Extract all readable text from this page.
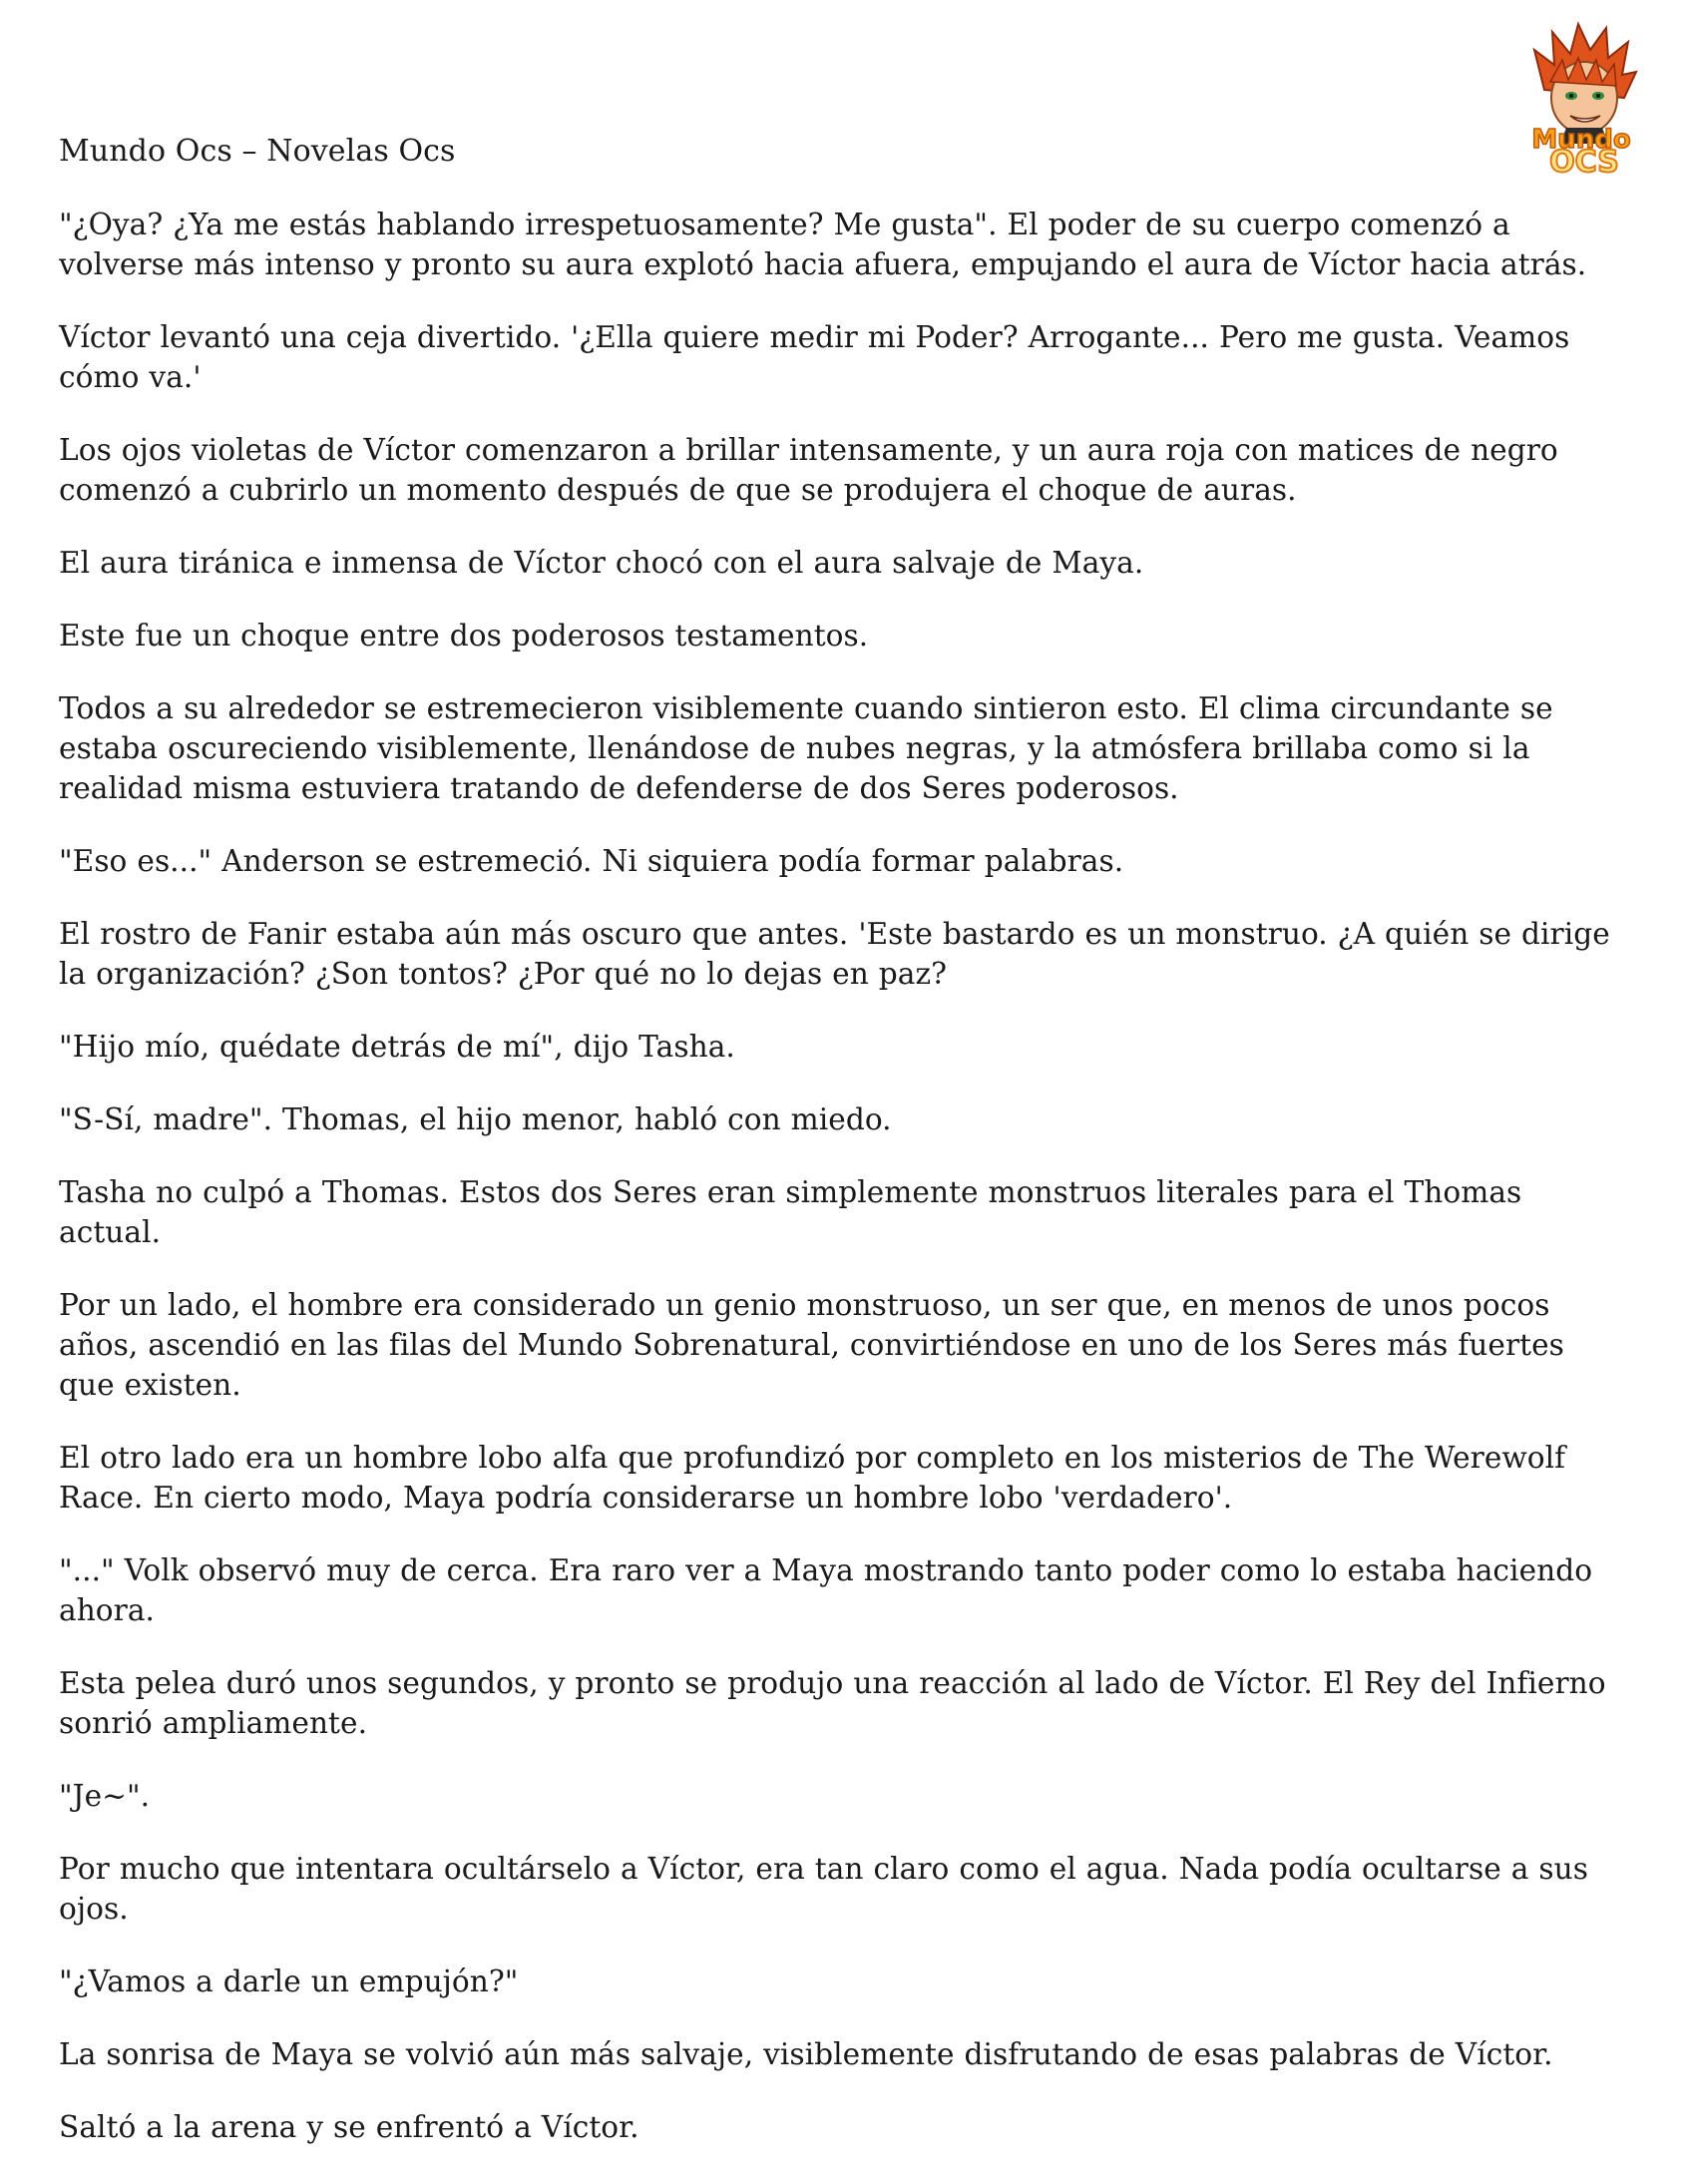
Mundo Ocs – Novelas Ocs	Mundo
OCS

"¿Oya? ¿Ya me estás hablando irrespetuosamente? Me gusta". El poder de su cuerpo comenzó a volverse más intenso y pronto su aura explotó hacia afuera, empujando el aura de Víctor hacia atrás.

Víctor levantó una ceja divertido. '¿Ella quiere medir mi Poder? Arrogante... Pero me gusta. Veamos cómo va.'

Los ojos violetas de Víctor comenzaron a brillar intensamente, y un aura roja con matices de negro comenzó a cubrirlo un momento después de que se produjera el choque de auras.

El aura tiránica e inmensa de Víctor chocó con el aura salvaje de Maya.

Este fue un choque entre dos poderosos testamentos.

Todos a su alrededor se estremecieron visiblemente cuando sintieron esto. El clima circundante se estaba oscureciendo visiblemente, llenándose de nubes negras, y la atmósfera brillaba como si la realidad misma estuviera tratando de defenderse de dos Seres poderosos.

"Eso es..." Anderson se estremeció. Ni siquiera podía formar palabras.

El rostro de Fanir estaba aún más oscuro que antes. 'Este bastardo es un monstruo. ¿A quién se dirige la organización? ¿Son tontos? ¿Por qué no lo dejas en paz?

"Hijo mío, quédate detrás de mí", dijo Tasha.

"S-Sí, madre". Thomas, el hijo menor, habló con miedo.

Tasha no culpó a Thomas. Estos dos Seres eran simplemente monstruos literales para el Thomas actual.

Por un lado, el hombre era considerado un genio monstruoso, un ser que, en menos de unos pocos años, ascendió en las filas del Mundo Sobrenatural, convirtiéndose en uno de los Seres más fuertes que existen.

El otro lado era un hombre lobo alfa que profundizó por completo en los misterios de The Werewolf Race. En cierto modo, Maya podría considerarse un hombre lobo 'verdadero'.

"..." Volk observó muy de cerca. Era raro ver a Maya mostrando tanto poder como lo estaba haciendo ahora.

Esta pelea duró unos segundos, y pronto se produjo una reacción al lado de Víctor. El Rey del Infierno sonrió ampliamente.

"Je~".

Por mucho que intentara ocultárselo a Víctor, era tan claro como el agua. Nada podía ocultarse a sus ojos.

"¿Vamos a darle un empujón?"

La sonrisa de Maya se volvió aún más salvaje, visiblemente disfrutando de esas palabras de Víctor.

Saltó a la arena y se enfrentó a Víctor.
